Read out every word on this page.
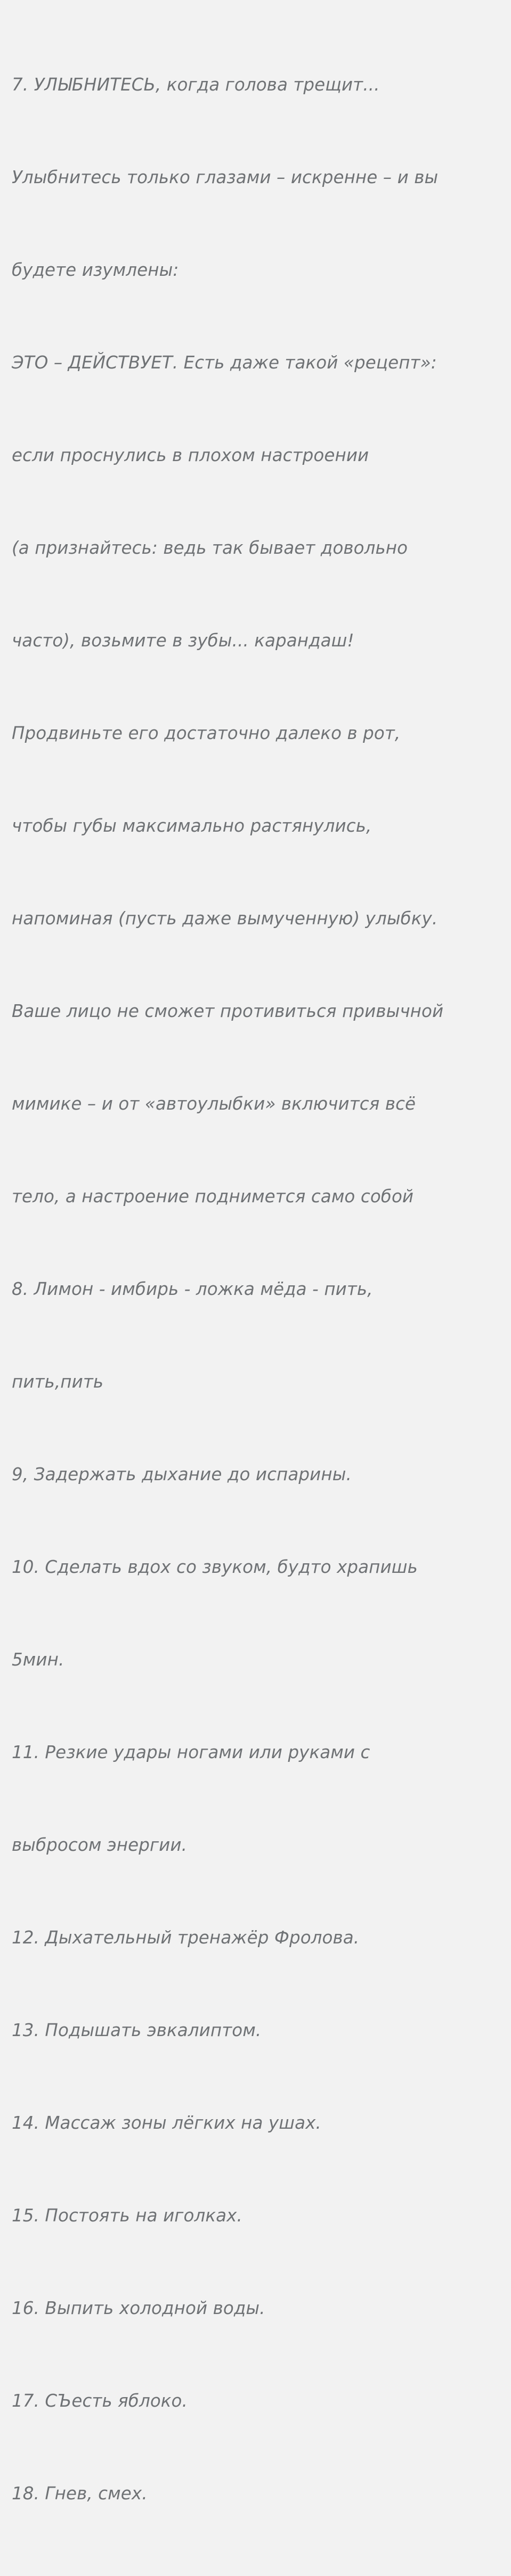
7. УЛЫБНИТЕСЬ, когда голова трещит...

Улыбнитесь только глазами – искренне – и вы

будете изумлены:

ЭТО – ДЕЙСТВУЕТ. Есть даже такой «рецепт»:

если проснулись в плохом настроении

(а признайтесь: ведь так бывает довольно

часто), возьмите в зубы... карандаш!

Продвиньте его достаточно далеко в рот,

чтобы губы максимально растянулись,

напоминая (пусть даже вымученную) улыбку.

Ваше лицо не сможет противиться привычной

мимике – и от «автоулыбки» включится всё

тело, а настроение поднимется само собой

8. Лимон - имбирь - ложка мёда - пить,

пить,пить

9, Задержать дыхание до испарины.

10. Сделать вдох со звуком, будто храпишь

5мин.

11. Резкие удары ногами или руками с

выбросом энергии.

12. Дыхательный тренажёр Фролова.

13. Подышать эвкалиптом.

14. Массаж зоны лёгких на ушах.

15. Постоять на иголках.

16. Выпить холодной воды.

17. СЪесть яблоко.

18. Гнев, смех.
